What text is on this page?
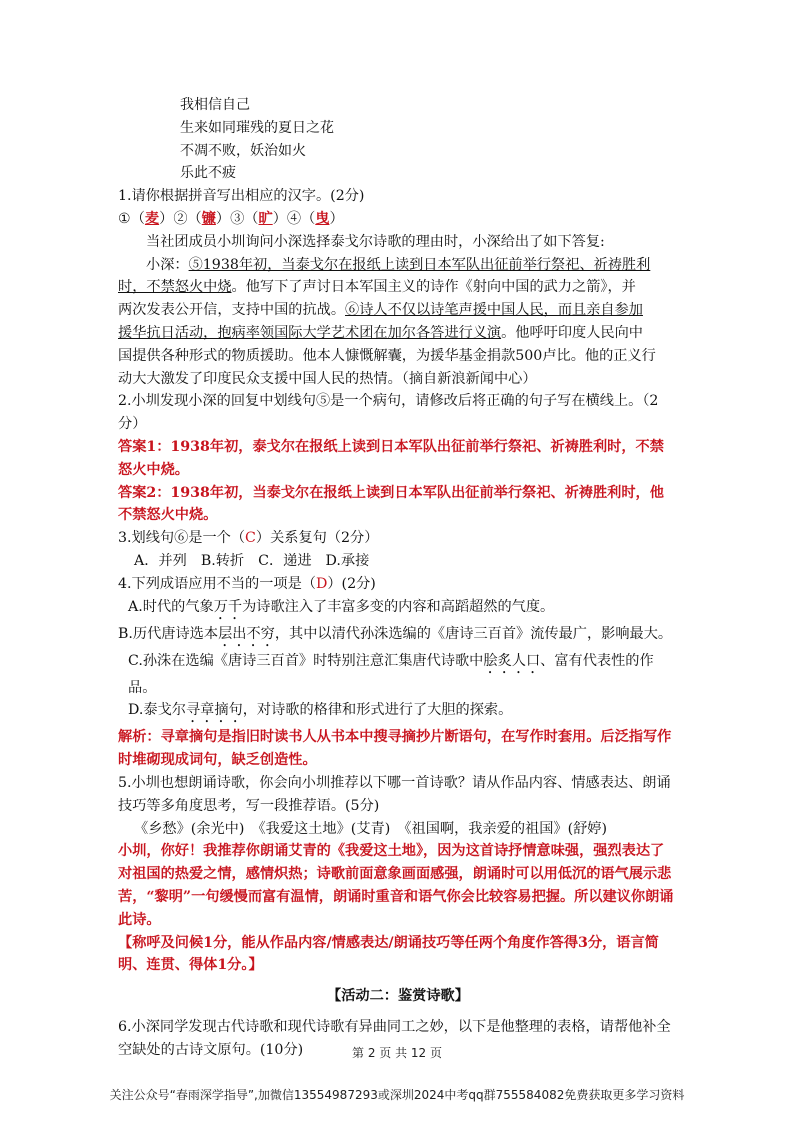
我相信自己
生来如同璀残的夏日之花
不凋不败，妖治如火
乐此不疲
1.请你根据拼音写出相应的汉字。(2分)
①（麦）②（镰）③（旷）④（曳）
当社团成员小圳询问小深选择泰戈尔诗歌的理由时，小深给出了如下答复:
小深：⑤1938年初，当泰戈尔在报纸上读到日本军队出征前举行祭祀、祈祷胜利
时，不禁怒火中烧。他写下了声讨日本军国主义的诗作《射向中国的武力之箭》，并
两次发表公开信，支持中国的抗战。⑥诗人不仅以诗笔声援中国人民，而且亲自参加
援华抗日活动，抱病率领国际大学艺术团在加尔各答进行义演。他呼吁印度人民向中
国提供各种形式的物质援助。他本人慷慨解囊，为援华基金捐款500卢比。他的正义行
动大大激发了印度民众支援中国人民的热情。（摘自新浪新闻中心）
2.小圳发现小深的回复中划线句⑤是一个病句，请修改后将正确的句子写在横线上。（2分）
答案1：1938年初，泰戈尔在报纸上读到日本军队出征前举行祭祀、祈祷胜利时，不禁怒火中烧。
答案2：1938年初，当泰戈尔在报纸上读到日本军队出征前举行祭祀、祈祷胜利时，他不禁怒火中烧。
3.划线句⑥是一个（C）关系复句（2分）
A．并列 B.转折 C．递进 D.承接
4.下列成语应用不当的一项是（D）(2分)
A.时代的气象万千为诗歌注入了丰富多变的内容和高蹈超然的气度。
B.历代唐诗选本层出不穷，其中以清代孙洙选编的《唐诗三百首》流传最广，影响最大。
C.孙洙在选编《唐诗三百首》时特别注意汇集唐代诗歌中脍炙人口、富有代表性的作品。
D.泰戈尔寻章摘句，对诗歌的格律和形式进行了大胆的探索。
解析：寻章摘句是指旧时读书人从书本中搜寻摘抄片断语句，在写作时套用。后泛指写作时堆砌现成词句，缺乏创造性。
5.小圳也想朗诵诗歌，你会向小圳推荐以下哪一首诗歌？请从作品内容、情感表达、朗诵技巧等多角度思考，写一段推荐语。(5分)
《乡愁》(余光中)　《我爱这土地》(艾青)　《祖国啊，我亲爱的祖国》(舒婷)
小圳，你好！我推荐你朗诵艾青的《我爱这土地》，因为这首诗抒情意味强，强烈表达了对祖国的热爱之情，感情炽热；诗歌前面意象画面感强，朗诵时可以用低沉的语气展示悲苦，“黎明”一句缓慢而富有温情，朗诵时重音和语气你会比较容易把握。所以建议你朗诵此诗。
【称呼及问候1分，能从作品内容/情感表达/朗诵技巧等任两个角度作答得3分，语言简明、连贯、得体1分。】
【活动二：鉴赏诗歌】
6.小深同学发现古代诗歌和现代诗歌有异曲同工之妙，以下是他整理的表格，请帮他补全空缺处的古诗文原句。(10分)	第 2 页 共 12 页
关注公众号“春雨深学指导”,加微信13554987293或深圳2024中考qq群755584082免费获取更多学习资料
